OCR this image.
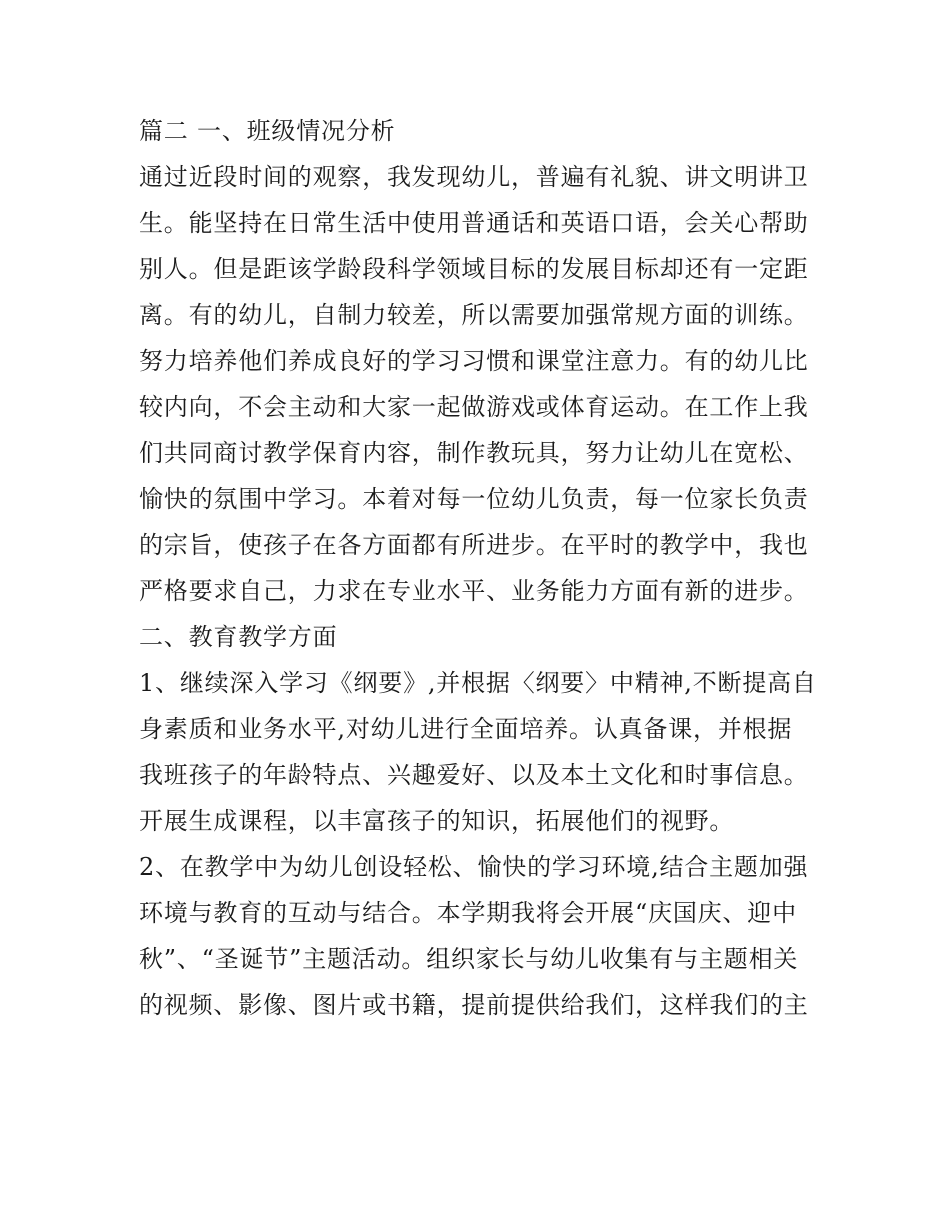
篇二 一、班级情况分析

通过近段时间的观察，我发现幼儿，普遍有礼貌、讲文明讲卫

生。能坚持在日常生活中使用普通话和英语口语，会关心帮助

别人。但是距该学龄段科学领域目标的发展目标却还有一定距

离。有的幼儿，自制力较差，所以需要加强常规方面的训练。

努力培养他们养成良好的学习习惯和课堂注意力。有的幼儿比

较内向，不会主动和大家一起做游戏或体育运动。在工作上我

们共同商讨教学保育内容，制作教玩具，努力让幼儿在宽松、

愉快的氛围中学习。本着对每一位幼儿负责，每一位家长负责

的宗旨，使孩子在各方面都有所进步。在平时的教学中，我也

严格要求自己，力求在专业水平、业务能力方面有新的进步。

二、教育教学方面

1、继续深入学习《纲要》,并根据〈纲要〉中精神,不断提高自

身素质和业务水平,对幼儿进行全面培养。认真备课，并根据

我班孩子的年龄特点、兴趣爱好、以及本土文化和时事信息。

开展生成课程，以丰富孩子的知识，拓展他们的视野。

2、在教学中为幼儿创设轻松、愉快的学习环境,结合主题加强

环境与教育的互动与结合。本学期我将会开展“庆国庆、迎中

秋”、“圣诞节”主题活动。组织家长与幼儿收集有与主题相关

的视频、影像、图片或书籍，提前提供给我们，这样我们的主
